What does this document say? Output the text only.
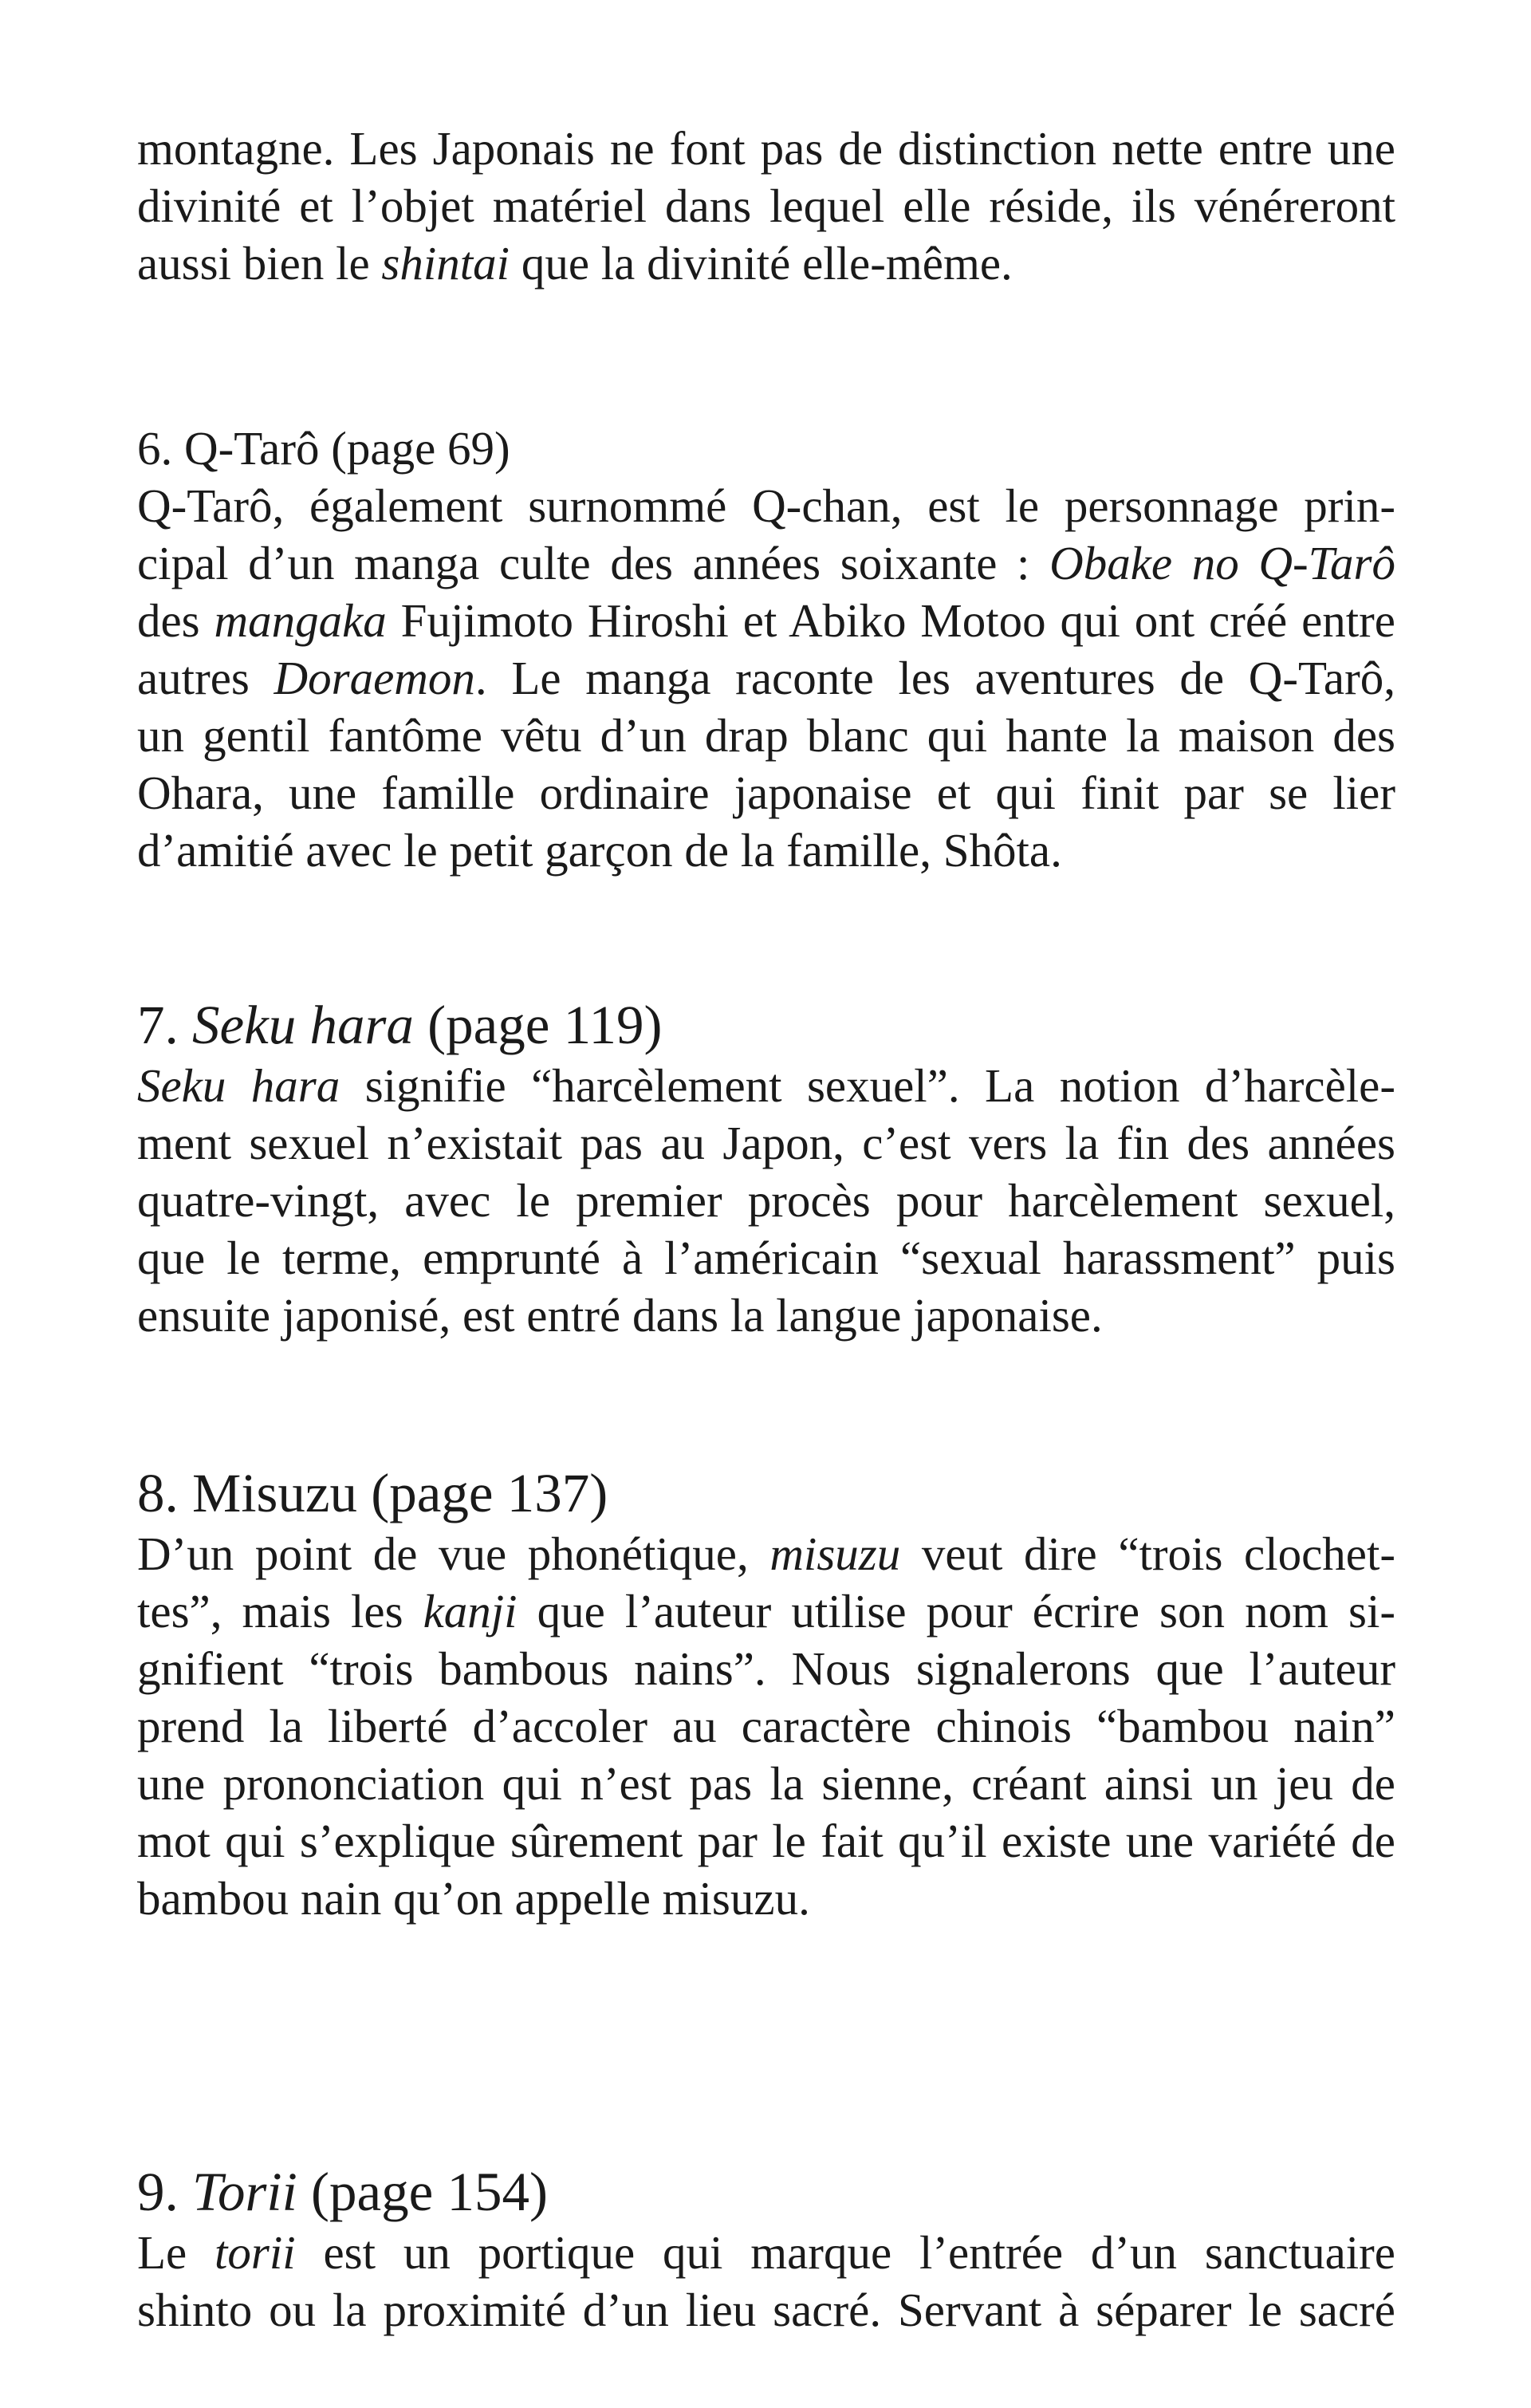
montagne. Les Japonais ne font pas de distinction nette entre une
divinité et l’objet matériel dans lequel elle réside, ils vénéreront
aussi bien le shintai que la divinité elle-même.

6. Q-Tarô (page 69)

Q-Tarô, également surnommé Q-chan, est le personnage prin-
cipal d’un manga culte des années soixante : Obake no Q-Tarô
des mangaka Fujimoto Hiroshi et Abiko Motoo qui ont créé entre
autres Doraemon. Le manga raconte les aventures de Q-Tarô,
un gentil fantôme vêtu d’un drap blanc qui hante la maison des
Ohara, une famille ordinaire japonaise et qui finit par se lier
d’amitié avec le petit garçon de la famille, Shôta.

7. Seku hara (page 119)

Seku hara signifie “harcèlement sexuel”. La notion d’harcèle-
ment sexuel n’existait pas au Japon, c’est vers la fin des années
quatre-vingt, avec le premier procès pour harcèlement sexuel,
que le terme, emprunté à l’américain “sexual harassment” puis
ensuite japonisé, est entré dans la langue japonaise.

8. Misuzu (page 137)

D’un point de vue phonétique, misuzu veut dire “trois clochet-
tes”, mais les kanji que l’auteur utilise pour écrire son nom si-
gnifient “trois bambous nains”. Nous signalerons que l’auteur
prend la liberté d’accoler au caractère chinois “bambou nain”
une prononciation qui n’est pas la sienne, créant ainsi un jeu de
mot qui s’explique sûrement par le fait qu’il existe une variété de
bambou nain qu’on appelle misuzu.

9. Torii (page 154)

Le torii est un portique qui marque l’entrée d’un sanctuaire
shinto ou la proximité d’un lieu sacré. Servant à séparer le sacré
